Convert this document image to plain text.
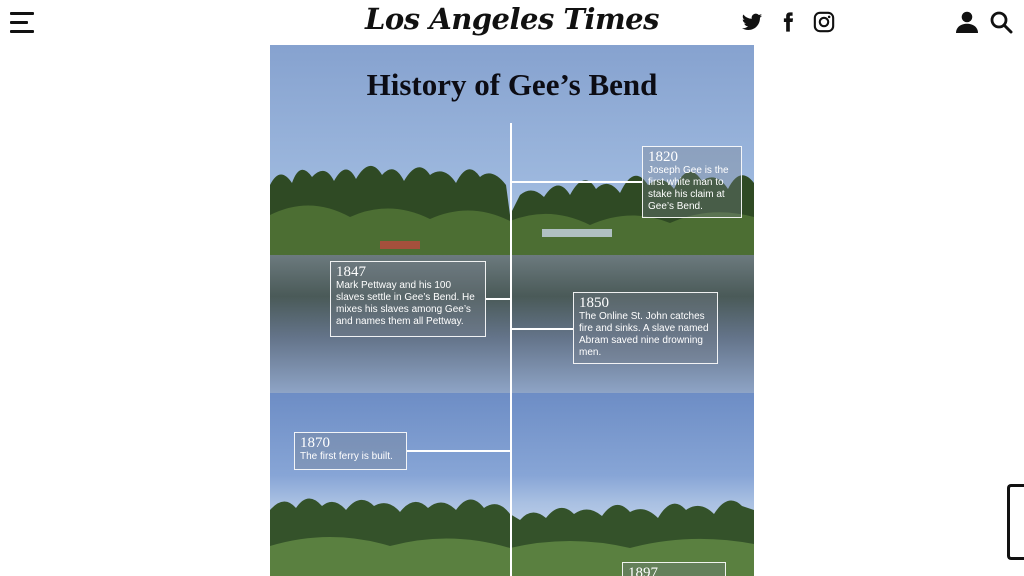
Los Angeles Times
History of Gee’s Bend
1820
Joseph Gee is the first white man to stake his claim at Gee’s Bend.
1847
Mark Pettway and his 100 slaves settle in Gee’s Bend. He mixes his slaves among Gee’s and names them all Pettway.
1850
The Online St. John catches fire and sinks. A slave named Abram saved nine drowning men.
1870
The first ferry is built.
1897
